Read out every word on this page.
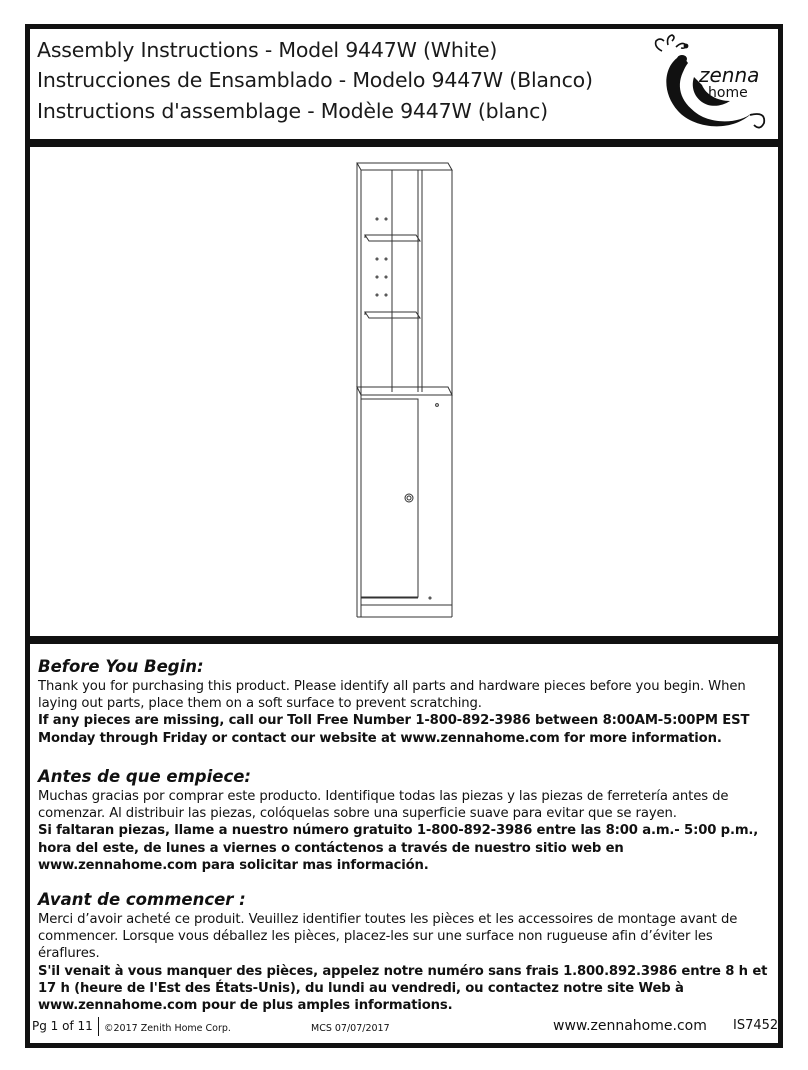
Assembly Instructions - Model 9447W (White)
Instrucciones de Ensamblado - Modelo 9447W (Blanco)
Instructions d'assemblage - Modèle 9447W (blanc)
zenna
home

Before You Begin:

Thank you for purchasing this product. Please identify all parts and hardware pieces before you begin. When laying out parts, place them on a soft surface to prevent scratching.

If any pieces are missing, call our Toll Free Number 1-800-892-3986 between 8:00AM-5:00PM EST Monday through Friday or contact our website at www.zennahome.com for more information.

Antes de que empiece:

Muchas gracias por comprar este producto. Identifique todas las piezas y las piezas de ferretería antes de comenzar. Al distribuir las piezas, colóquelas sobre una superficie suave para evitar que se rayen.

Si faltaran piezas, llame a nuestro número gratuito 1-800-892-3986 entre las 8:00 a.m.- 5:00 p.m., hora del este, de lunes a viernes o contáctenos a través de nuestro sitio web en www.zennahome.com para solicitar mas información.

Avant de commencer :

Merci d’avoir acheté ce produit. Veuillez identifier toutes les pièces et les accessoires de montage avant de commencer. Lorsque vous déballez les pièces, placez-les sur une surface non rugueuse afin d’éviter les éraflures.

S'il venait à vous manquer des pièces, appelez notre numéro sans frais 1.800.892.3986 entre 8 h et 17 h (heure de l'Est des États-Unis), du lundi au vendredi, ou contactez notre site Web à www.zennahome.com pour de plus amples informations.

Pg 1 of 11 ©2017 Zenith Home Corp.	MCS 07/07/2017	www.zennahome.com IS7452
